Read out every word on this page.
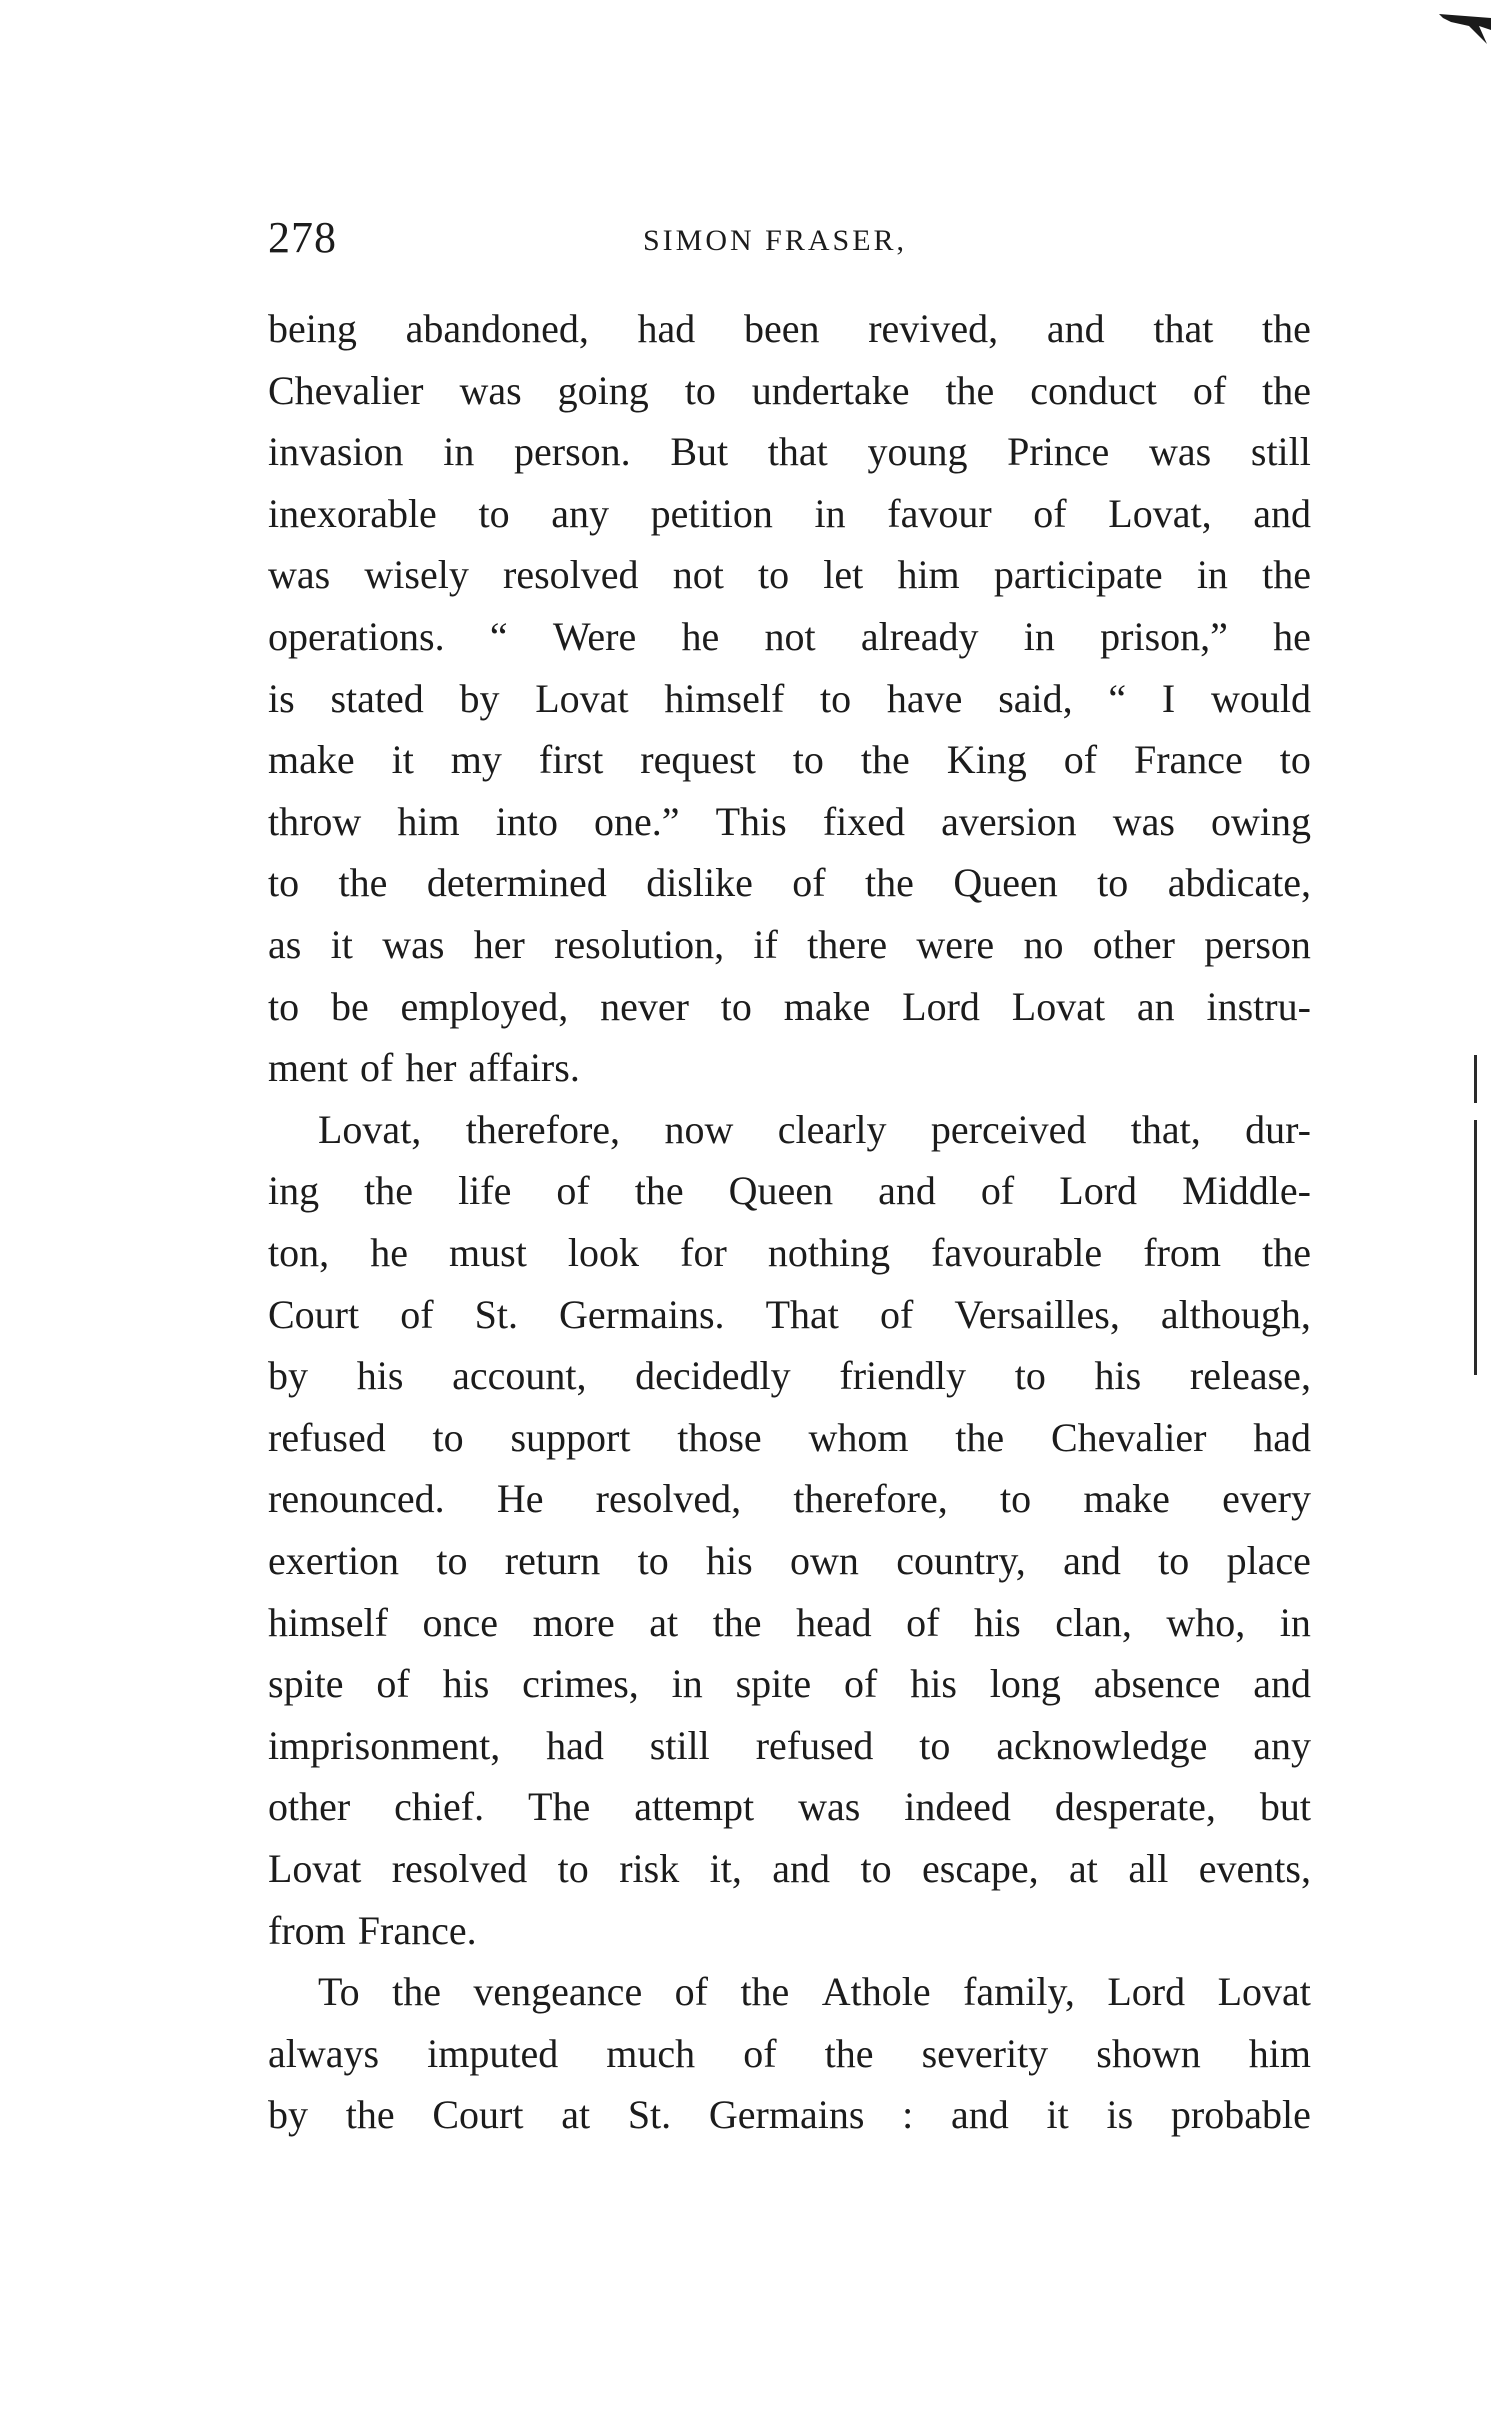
278	SIMON FRASER,
being abandoned, had been revived, and that the
Chevalier was going to undertake the conduct of the
invasion in person. But that young Prince was still
inexorable to any petition in favour of Lovat, and
was wisely resolved not to let him participate in the
operations. “ Were he not already in prison,” he
is stated by Lovat himself to have said, “ I would
make it my first request to the King of France to
throw him into one.” This fixed aversion was owing
to the determined dislike of the Queen to abdicate,
as it was her resolution, if there were no other person
to be employed, never to make Lord Lovat an instru-
ment of her affairs.
Lovat, therefore, now clearly perceived that, dur-
ing the life of the Queen and of Lord Middle-
ton, he must look for nothing favourable from the
Court of St. Germains. That of Versailles, although,
by his account, decidedly friendly to his release,
refused to support those whom the Chevalier had
renounced. He resolved, therefore, to make every
exertion to return to his own country, and to place
himself once more at the head of his clan, who, in
spite of his crimes, in spite of his long absence and
imprisonment, had still refused to acknowledge any
other chief. The attempt was indeed desperate, but
Lovat resolved to risk it, and to escape, at all events,
from France.
To the vengeance of the Athole family, Lord Lovat
always imputed much of the severity shown him
by the Court at St. Germains : and it is probable
